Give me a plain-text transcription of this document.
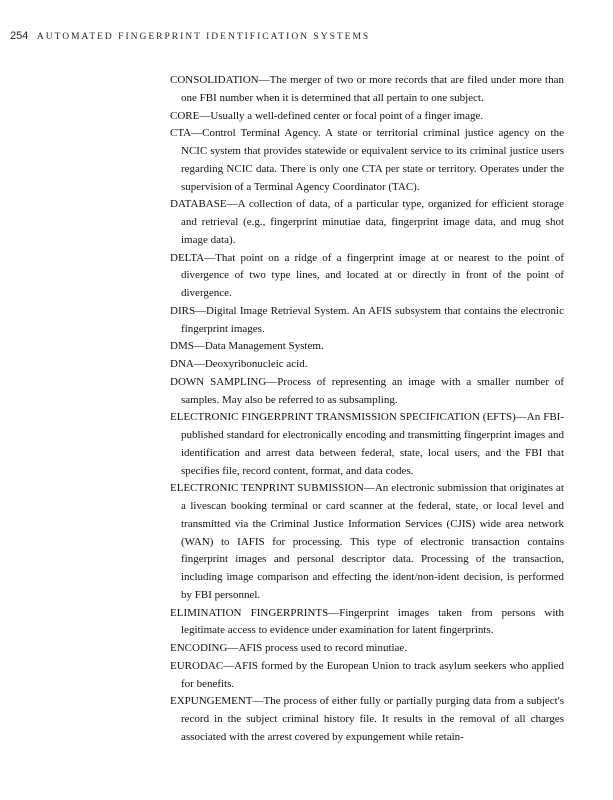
254 AUTOMATED FINGERPRINT IDENTIFICATION SYSTEMS

CONSOLIDATION—The merger of two or more records that are filed under more than one FBI number when it is determined that all pertain to one subject.

CORE—Usually a well-defined center or focal point of a finger image.

CTA—Control Terminal Agency. A state or territorial criminal justice agency on the NCIC system that provides statewide or equivalent service to its criminal justice users regarding NCIC data. There is only one CTA per state or territory. Operates under the supervision of a Terminal Agency Coordinator (TAC).

DATABASE—A collection of data, of a particular type, organized for efficient storage and retrieval (e.g., fingerprint minutiae data, fingerprint image data, and mug shot image data).

DELTA—That point on a ridge of a fingerprint image at or nearest to the point of divergence of two type lines, and located at or directly in front of the point of divergence.

DIRS—Digital Image Retrieval System. An AFIS subsystem that contains the electronic fingerprint images.

DMS—Data Management System.

DNA—Deoxyribonucleic acid.

DOWN SAMPLING—Process of representing an image with a smaller number of samples. May also be referred to as subsampling.

ELECTRONIC FINGERPRINT TRANSMISSION SPECIFICATION (EFTS)—An FBI-published standard for electronically encoding and transmitting fingerprint images and identification and arrest data between federal, state, local users, and the FBI that specifies file, record content, format, and data codes.

ELECTRONIC TENPRINT SUBMISSION—An electronic submission that originates at a livescan booking terminal or card scanner at the federal, state, or local level and transmitted via the Criminal Justice Information Services (CJIS) wide area network (WAN) to IAFIS for processing. This type of electronic transaction contains fingerprint images and personal descriptor data. Processing of the transaction, including image comparison and effecting the ident/non-ident decision, is performed by FBI personnel.

ELIMINATION FINGERPRINTS—Fingerprint images taken from persons with legitimate access to evidence under examination for latent fingerprints.

ENCODING—AFIS process used to record minutiae.

EURODAC—AFIS formed by the European Union to track asylum seekers who applied for benefits.

EXPUNGEMENT—The process of either fully or partially purging data from a subject's record in the subject criminal history file. It results in the removal of all charges associated with the arrest covered by expungement while retain-
